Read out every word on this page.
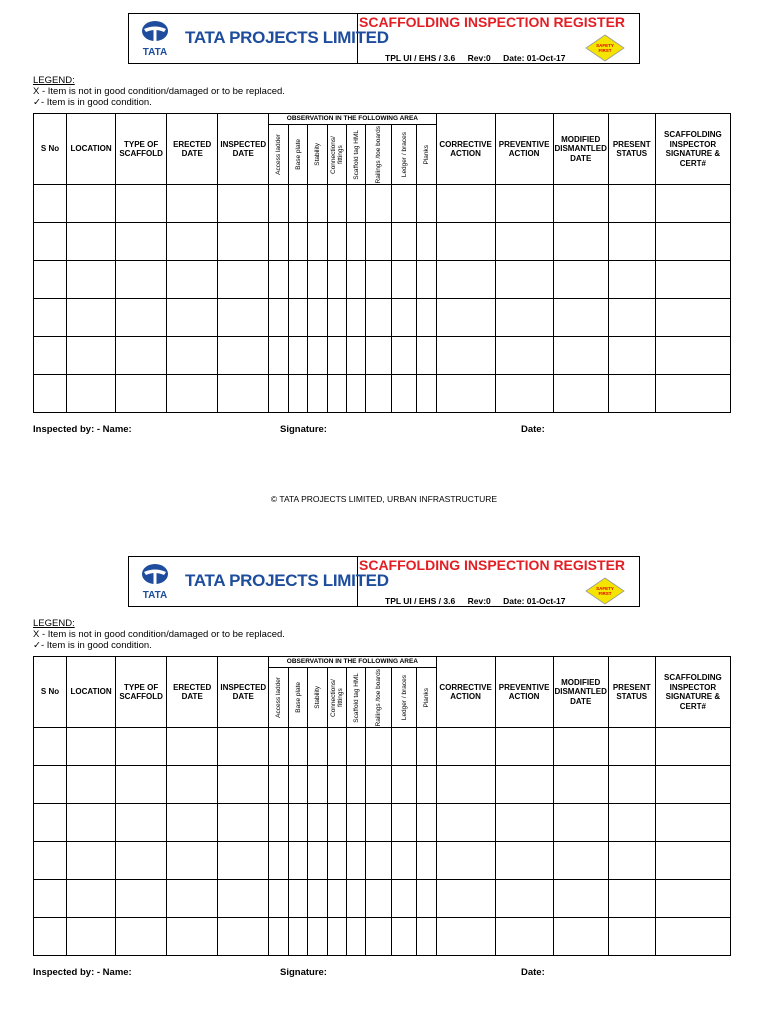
TATA
TATA PROJECTS LIMITED
SCAFFOLDING INSPECTION REGISTER
TPL UI / EHS / 3.6 Rev:0 Date: 01-Oct-17
SAFETY
FIRST
LEGEND:
X - Item is not in good condition/damaged or to be replaced.
✓- Item is in good condition.
S No	LOCATION	TYPE OF SCAFFOLD	ERECTED DATE	INSPECTED DATE	OBSERVATION IN THE FOLLOWING AREA								CORRECTIVE ACTION	PREVENTIVE ACTION	MODIFIED DISMANTLED DATE	PRESENT STATUS	SCAFFOLDING INSPECTOR SIGNATURE & CERT#

					Access ladder	Base plate	Stability	Connections/ fittings	Scaffold tag HML	Railings /toe boards	Ledger / braces	Planks					

Inspected by: - Name:	Signature:	Date:
© TATA PROJECTS LIMITED, URBAN INFRASTRUCTURE
TATA
TATA PROJECTS LIMITED
SCAFFOLDING INSPECTION REGISTER
TPL UI / EHS / 3.6 Rev:0 Date: 01-Oct-17
SAFETY
FIRST
LEGEND:
X - Item is not in good condition/damaged or to be replaced.
✓- Item is in good condition.
S No	LOCATION	TYPE OF SCAFFOLD	ERECTED DATE	INSPECTED DATE	OBSERVATION IN THE FOLLOWING AREA								CORRECTIVE ACTION	PREVENTIVE ACTION	MODIFIED DISMANTLED DATE	PRESENT STATUS	SCAFFOLDING INSPECTOR SIGNATURE & CERT#

					Access ladder	Base plate	Stability	Connections/ fittings	Scaffold tag HML	Railings /toe boards	Ledger / braces	Planks					

Inspected by: - Name:	Signature:	Date:
